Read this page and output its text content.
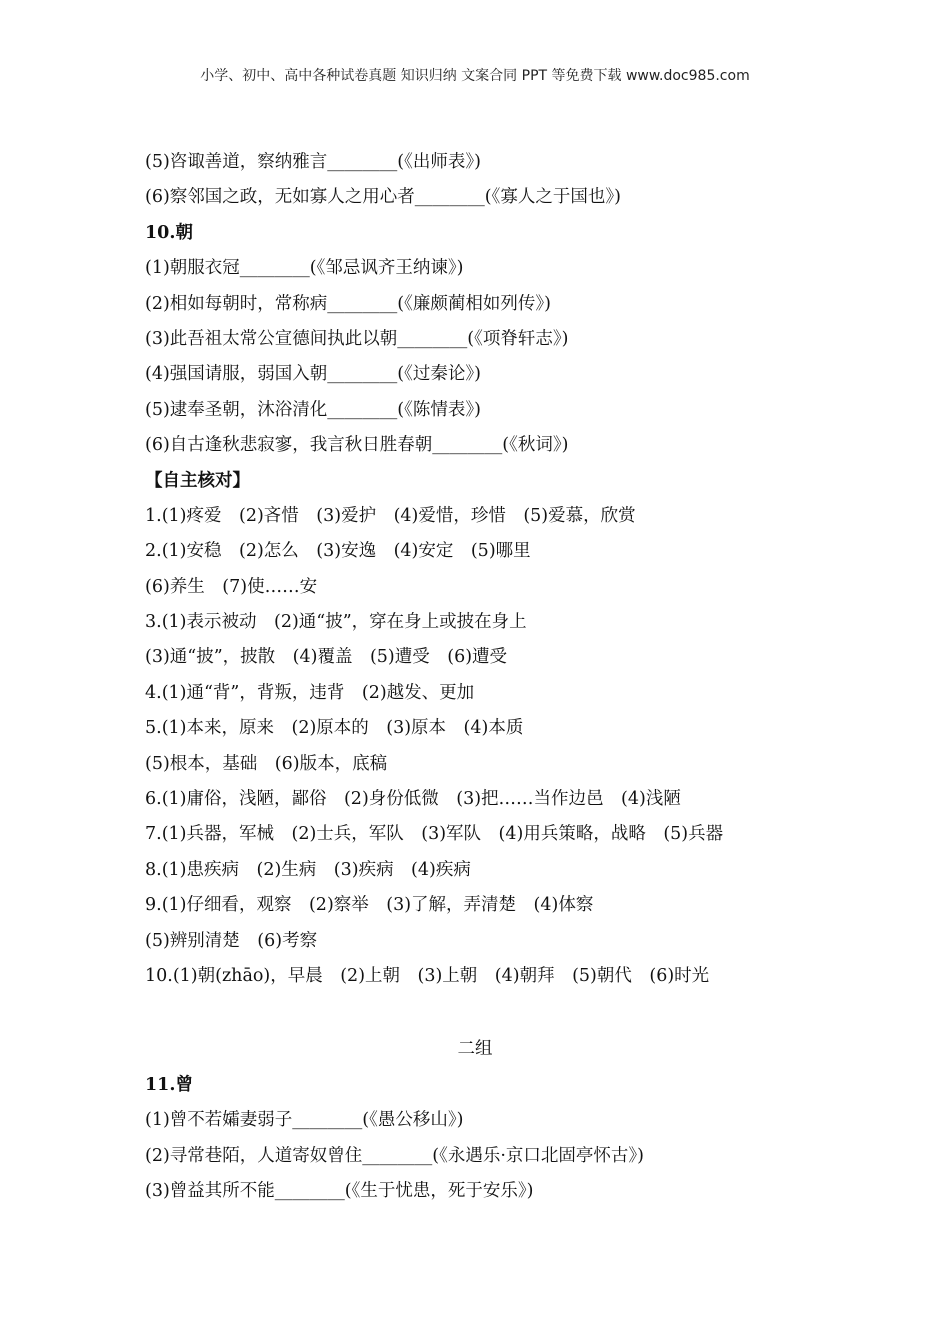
小学、初中、高中各种试卷真题 知识归纳 文案合同 PPT 等免费下载 www.doc985.com
(5)咨诹善道，察纳雅言________(《出师表》)
(6)察邻国之政，无如寡人之用心者________(《寡人之于国也》)
10.朝
(1)朝服衣冠________(《邹忌讽齐王纳谏》)
(2)相如每朝时，常称病________(《廉颇蔺相如列传》)
(3)此吾祖太常公宣德间执此以朝________(《项脊轩志》)
(4)强国请服，弱国入朝________(《过秦论》)
(5)逮奉圣朝，沐浴清化________(《陈情表》)
(6)自古逢秋悲寂寥，我言秋日胜春朝________(《秋词》)
【自主核对】
1.(1)疼爱　(2)吝惜　(3)爱护　(4)爱惜，珍惜　(5)爱慕，欣赏
2.(1)安稳　(2)怎么　(3)安逸　(4)安定　(5)哪里
(6)养生　(7)使……安
3.(1)表示被动　(2)通“披”，穿在身上或披在身上
(3)通“披”，披散　(4)覆盖　(5)遭受　(6)遭受
4.(1)通“背”，背叛，违背　(2)越发、更加
5.(1)本来，原来　(2)原本的　(3)原本　(4)本质
(5)根本，基础　(6)版本，底稿
6.(1)庸俗，浅陋，鄙俗　(2)身份低微　(3)把……当作边邑　(4)浅陋
7.(1)兵器，军械　(2)士兵，军队　(3)军队　(4)用兵策略，战略　(5)兵器
8.(1)患疾病　(2)生病　(3)疾病　(4)疾病
9.(1)仔细看，观察　(2)察举　(3)了解，弄清楚　(4)体察
(5)辨别清楚　(6)考察
10.(1)朝(zhāo)，早晨　(2)上朝　(3)上朝　(4)朝拜　(5)朝代　(6)时光
二组
11.曾
(1)曾不若孀妻弱子________(《愚公移山》)
(2)寻常巷陌，人道寄奴曾住________(《永遇乐·京口北固亭怀古》)
(3)曾益其所不能________(《生于忧患，死于安乐》)
